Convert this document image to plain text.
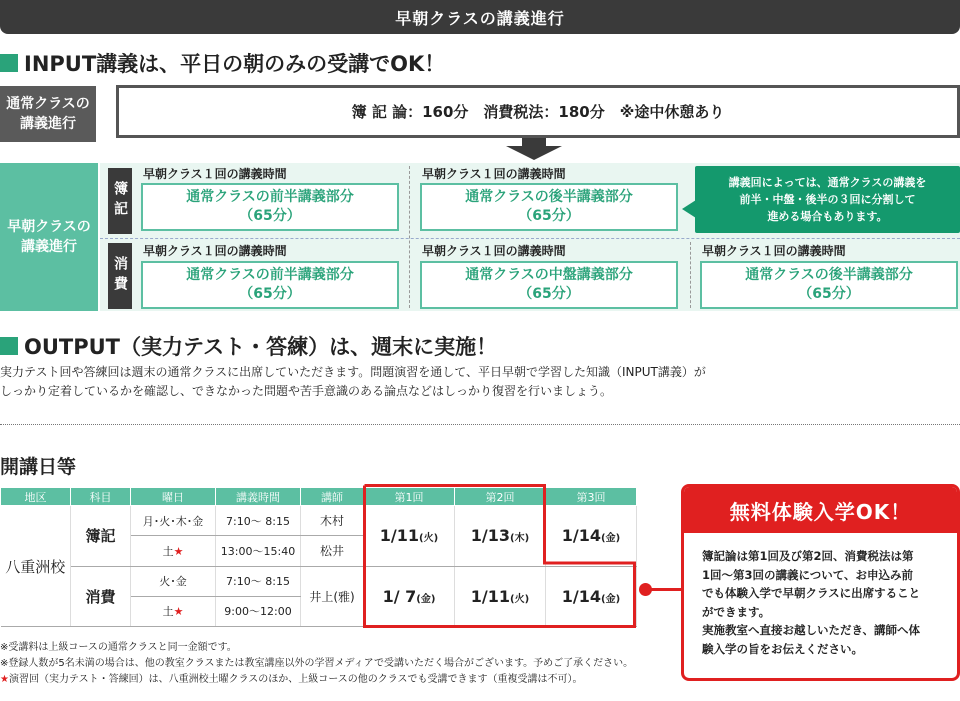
早朝クラスの講義進行
INPUT講義は、平日の朝のみの受講でOK！
通常クラスの
講義進行
簿 記 論：160分　消費税法：180分　※途中休憩あり
早朝クラスの
講義進行
簿記
消費
早朝クラス１回の講義時間
通常クラスの前半講義部分
（65分）
早朝クラス１回の講義時間
通常クラスの後半講義部分
（65分）
講義回によっては、通常クラスの講義を
前半・中盤・後半の３回に分割して
進める場合もあります。
早朝クラス１回の講義時間
通常クラスの前半講義部分
（65分）
早朝クラス１回の講義時間
通常クラスの中盤講義部分
（65分）
早朝クラス１回の講義時間
通常クラスの後半講義部分
（65分）
OUTPUT（実力テスト・答練）は、週末に実施！
実力テスト回や答練回は週末の通常クラスに出席していただきます。問題演習を通して、平日早朝で学習した知識（INPUT講義）が
しっかり定着しているかを確認し、できなかった問題や苦手意識のある論点などはしっかり復習を行いましょう。
開講日等
地区	科目	曜日	講義時間	講師	第1回	第2回	第3回
八重洲校	簿記	月･火･木･金	7:10〜 8:15	木村	1/11(火)	1/13(木)	1/14(金)
		土★	13:00〜15:40	松井			
	消費	火･金	7:10〜 8:15	井上(雅)	1/ 7(金)	1/11(火)	1/14(金)
		土★	9:00〜12:00				
無料体験入学OK！
簿記論は第1回及び第2回、消費税法は第
1回〜第3回の講義について、お申込み前
でも体験入学で早朝クラスに出席すること
ができます。
実施教室へ直接お越しいただき、講師へ体
験入学の旨をお伝えください。
※受講料は上級コースの通常クラスと同一金額です。
※登録人数が5名未満の場合は、他の教室クラスまたは教室講座以外の学習メディアで受講いただく場合がございます。予めご了承ください。
★演習回（実力テスト・答練回）は、八重洲校土曜クラスのほか、上級コースの他のクラスでも受講できます（重複受講は不可）。
